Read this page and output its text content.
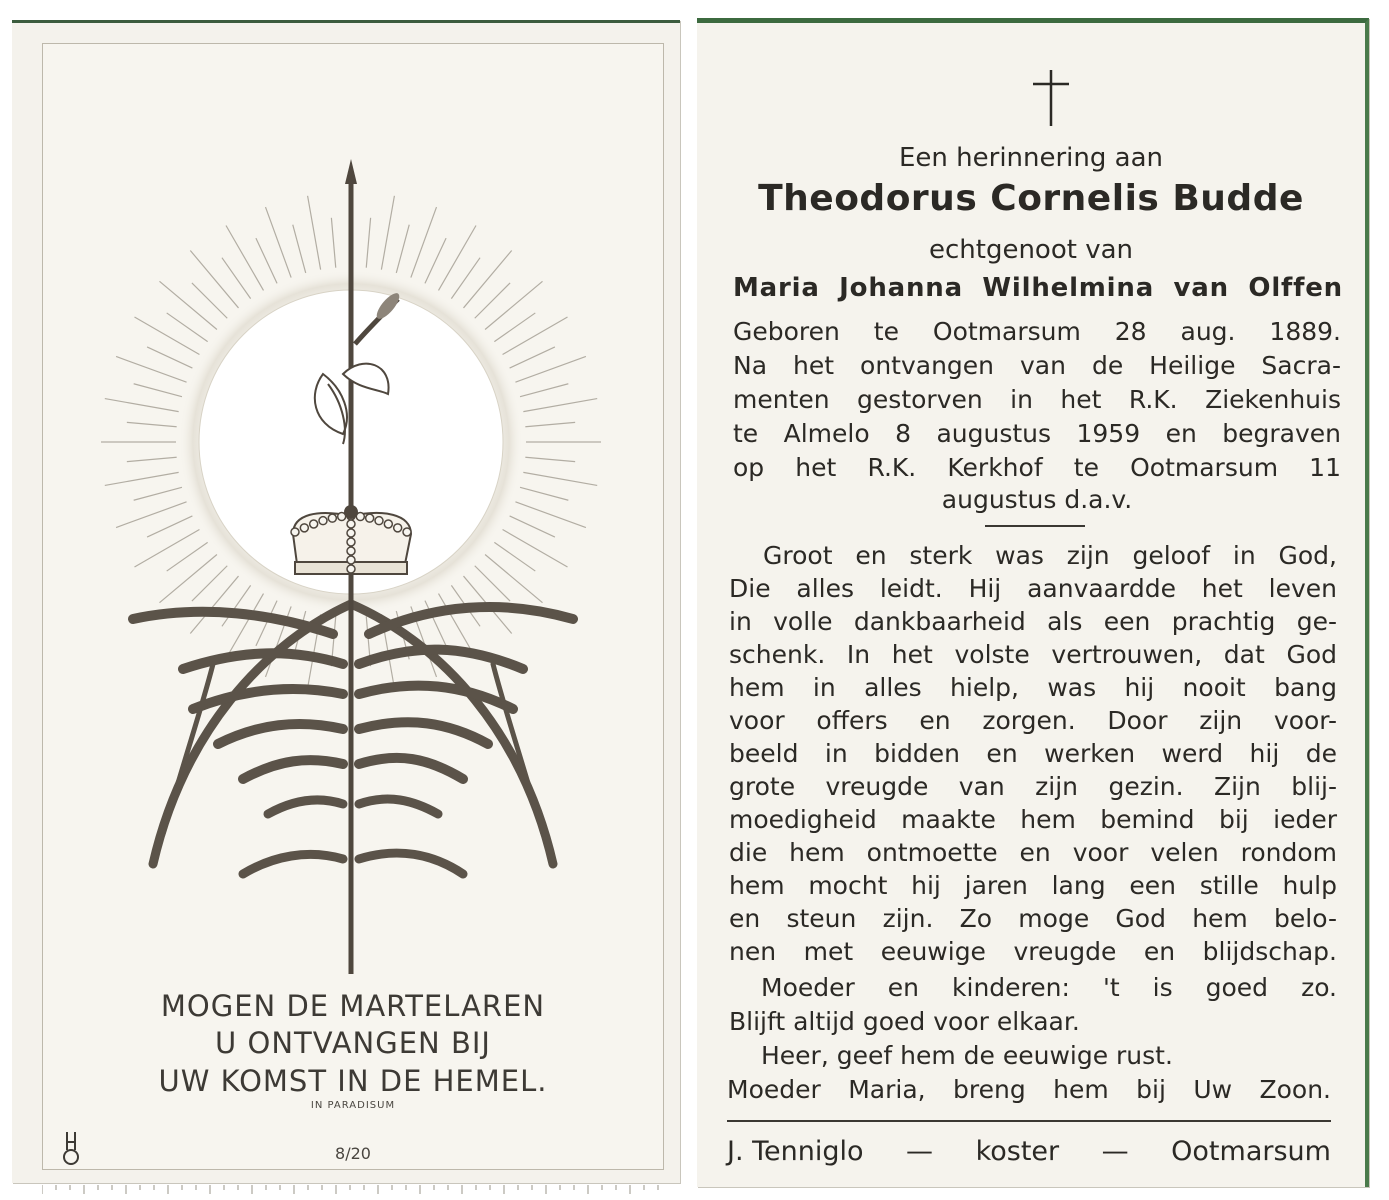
MOGEN DE MARTELAREN
U ONTVANGEN BIJ
UW KOMST IN DE HEMEL.
IN PARADISUM
8/20
Een herinnering aan
Theodorus Cornelis Budde
echtgenoot van
Maria Johanna Wilhelmina van Olffen
Geboren te Ootmarsum 28 aug. 1889.
Na het ontvangen van de Heilige Sacra-
menten gestorven in het R.K. Ziekenhuis
te Almelo 8 augustus 1959 en begraven
op het R.K. Kerkhof te Ootmarsum 11
augustus d.a.v.
Groot en sterk was zijn geloof in God,
Die alles leidt. Hij aanvaardde het leven
in volle dankbaarheid als een prachtig ge-
schenk. In het volste vertrouwen, dat God
hem in alles hielp, was hij nooit bang
voor offers en zorgen. Door zijn voor-
beeld in bidden en werken werd hij de
grote vreugde van zijn gezin. Zijn blij-
moedigheid maakte hem bemind bij ieder
die hem ontmoette en voor velen rondom
hem mocht hij jaren lang een stille hulp
en steun zijn. Zo moge God hem belo-
nen met eeuwige vreugde en blijdschap.
Moeder en kinderen: 't is goed zo.
Blijft altijd goed voor elkaar.
Heer, geef hem de eeuwige rust.
Moeder Maria, breng hem bij Uw Zoon.
J. Tenniglo — koster — Ootmarsum
